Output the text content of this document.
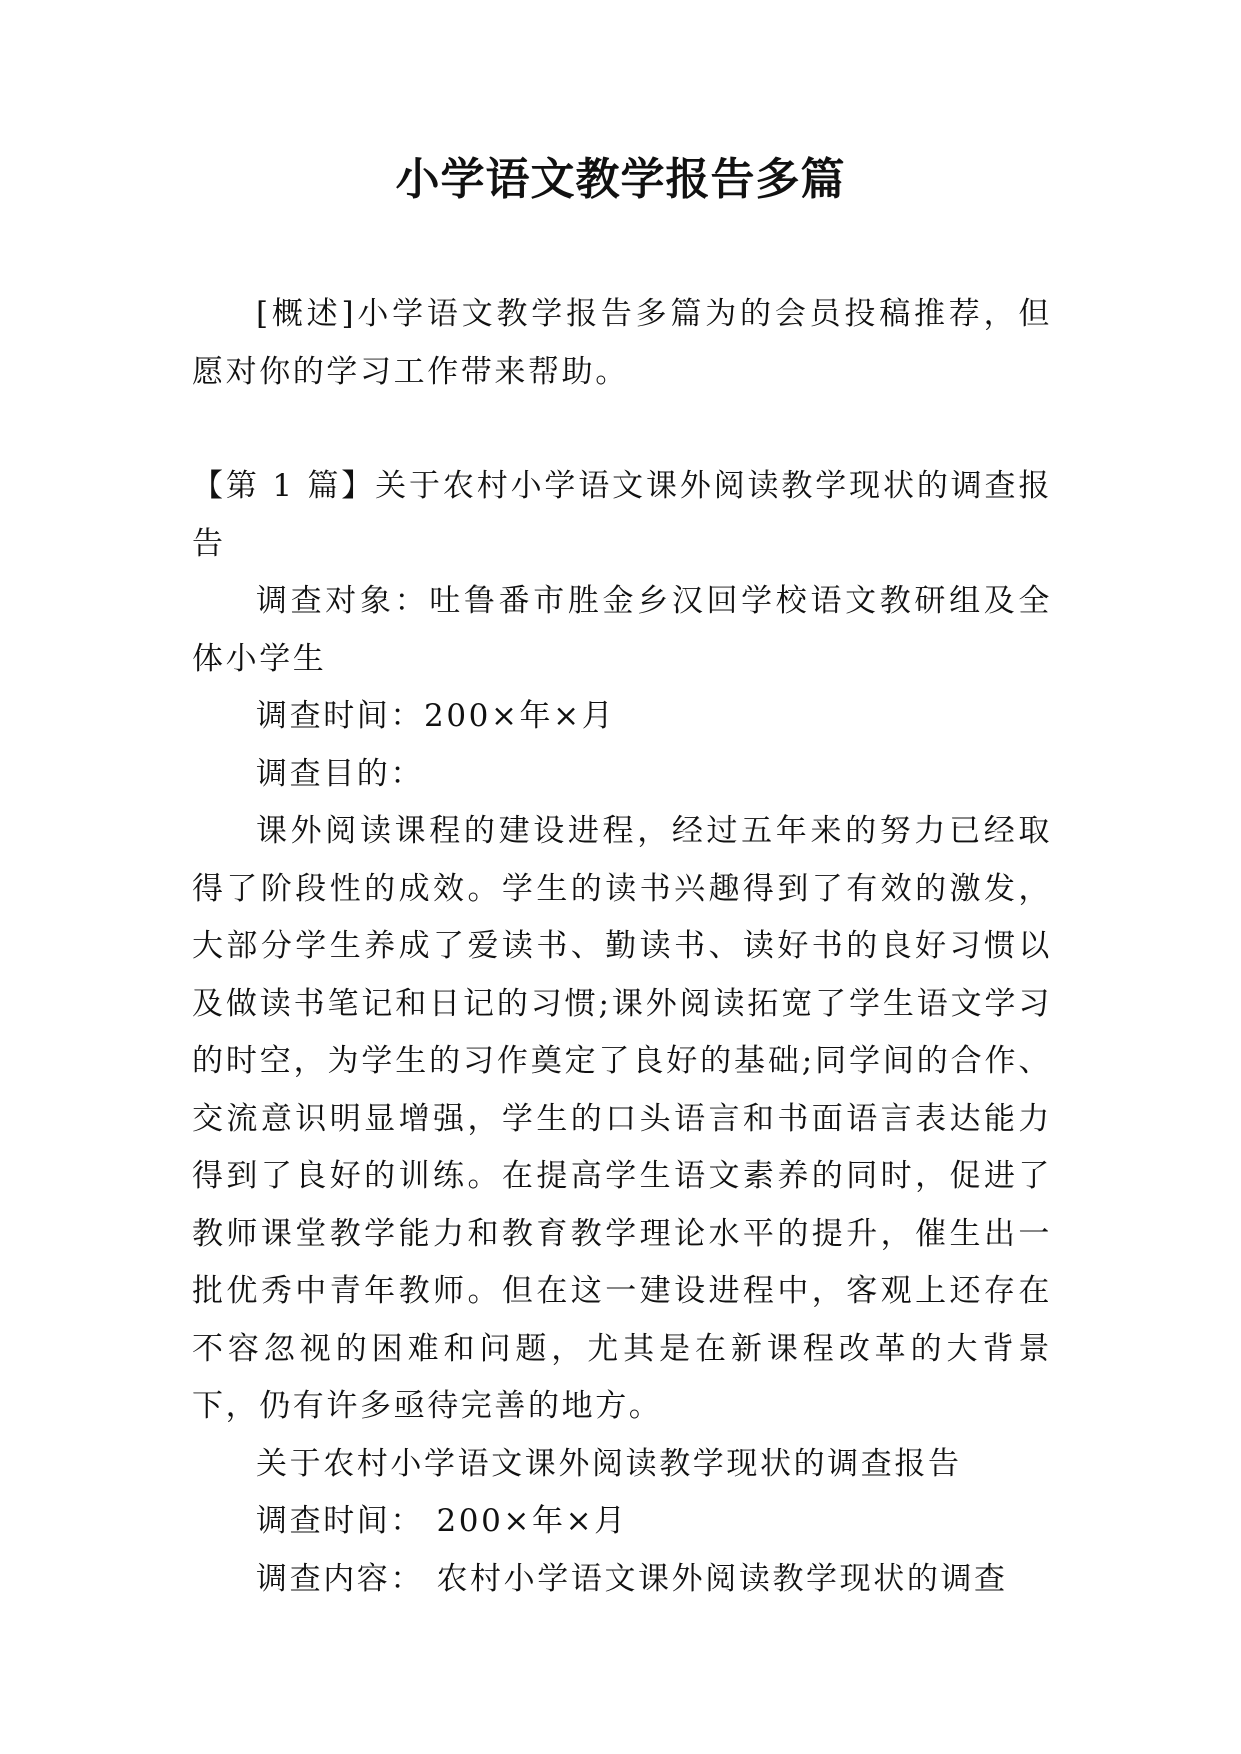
小学语文教学报告多篇

[概述]小学语文教学报告多篇为的会员投稿推荐，但愿对你的学习工作带来帮助。

【第 1 篇】关于农村小学语文课外阅读教学现状的调查报告

调查对象：吐鲁番市胜金乡汉回学校语文教研组及全体小学生

调查时间：200×年×月

调查目的：

课外阅读课程的建设进程，经过五年来的努力已经取得了阶段性的成效。学生的读书兴趣得到了有效的激发，大部分学生养成了爱读书、勤读书、读好书的良好习惯以及做读书笔记和日记的习惯;课外阅读拓宽了学生语文学习的时空，为学生的习作奠定了良好的基础;同学间的合作、交流意识明显增强，学生的口头语言和书面语言表达能力得到了良好的训练。在提高学生语文素养的同时，促进了教师课堂教学能力和教育教学理论水平的提升，催生出一批优秀中青年教师。但在这一建设进程中，客观上还存在不容忽视的困难和问题，尤其是在新课程改革的大背景下，仍有许多亟待完善的地方。

关于农村小学语文课外阅读教学现状的调查报告

调查时间： 200×年×月

调查内容： 农村小学语文课外阅读教学现状的调查
